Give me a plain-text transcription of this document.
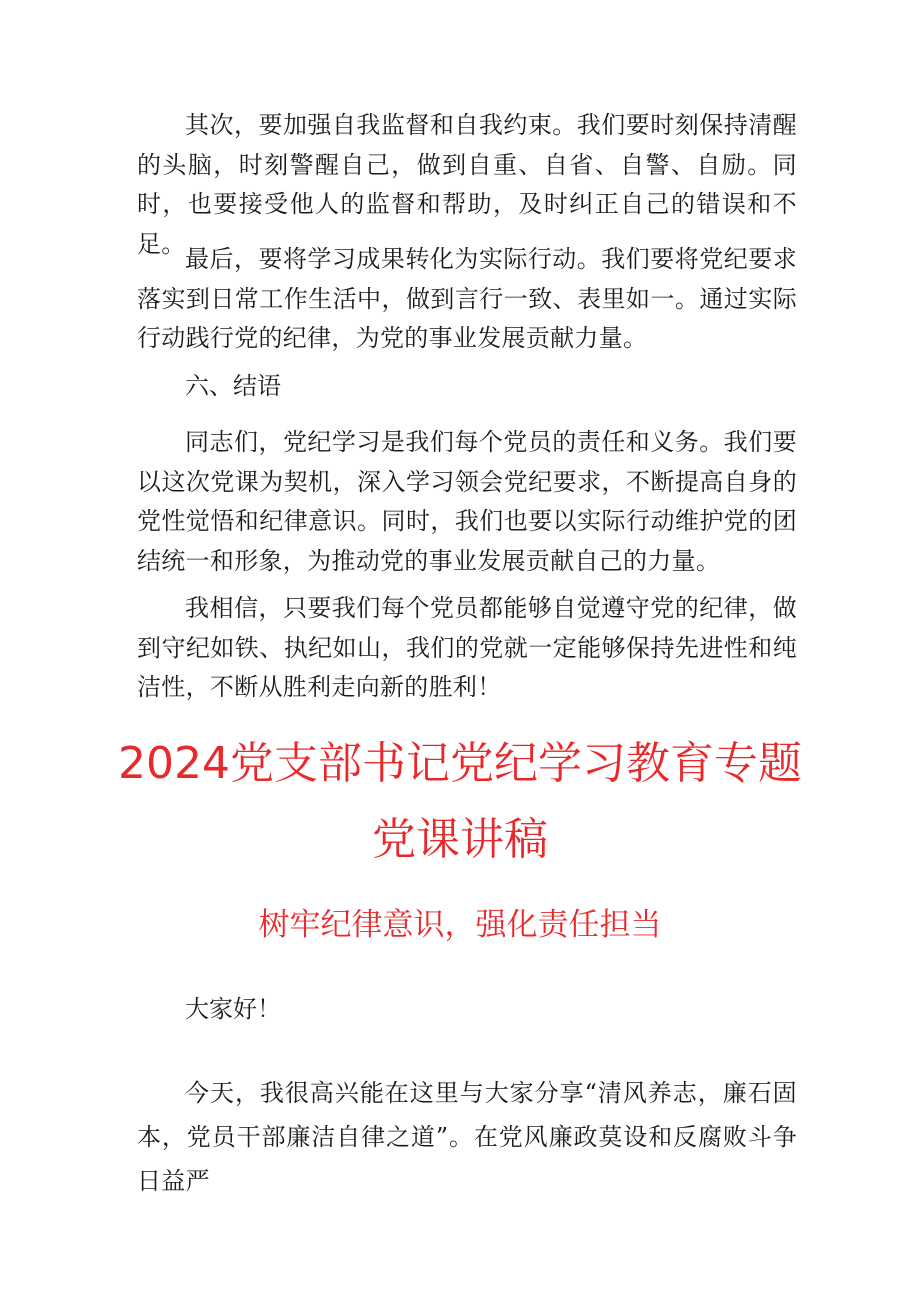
其次，要加强自我监督和自我约束。我们要时刻保持清醒的头脑，时刻警醒自己，做到自重、自省、自警、自励。同时，也要接受他人的监督和帮助，及时纠正自己的错误和不足。

最后，要将学习成果转化为实际行动。我们要将党纪要求落实到日常工作生活中，做到言行一致、表里如一。通过实际行动践行党的纪律，为党的事业发展贡献力量。

六、结语

同志们，党纪学习是我们每个党员的责任和义务。我们要以这次党课为契机，深入学习领会党纪要求，不断提高自身的党性觉悟和纪律意识。同时，我们也要以实际行动维护党的团结统一和形象，为推动党的事业发展贡献自己的力量。

我相信，只要我们每个党员都能够自觉遵守党的纪律，做到守纪如铁、执纪如山，我们的党就一定能够保持先进性和纯洁性，不断从胜利走向新的胜利！

2024党支部书记党纪学习教育专题党课讲稿
树牢纪律意识，强化责任担当

大家好！

今天，我很高兴能在这里与大家分享“清风养志，廉石固本，党员干部廉洁自律之道”。在党风廉政莫设和反腐败斗争日益严
